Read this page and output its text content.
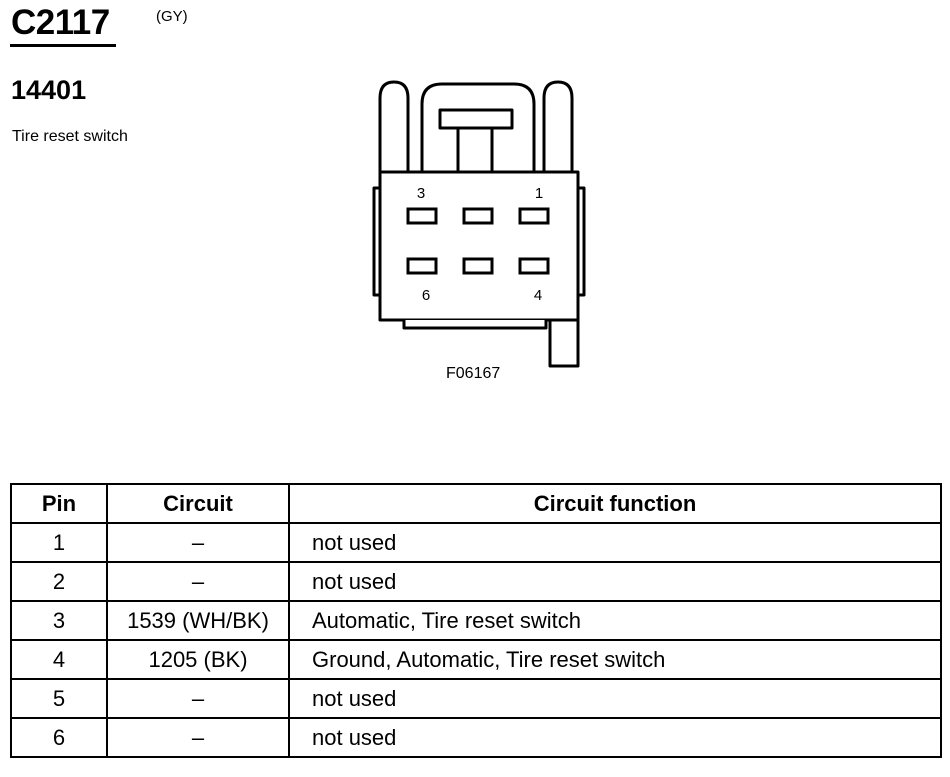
C2117	(GY)
14401
Tire reset switch
3	1
6	4
F06167
Pin	Circuit	Circuit function
1	–	not used
2	–	not used
3	1539 (WH/BK)	Automatic, Tire reset switch
4	1205 (BK)	Ground, Automatic, Tire reset switch
5	–	not used
6	–	not used
